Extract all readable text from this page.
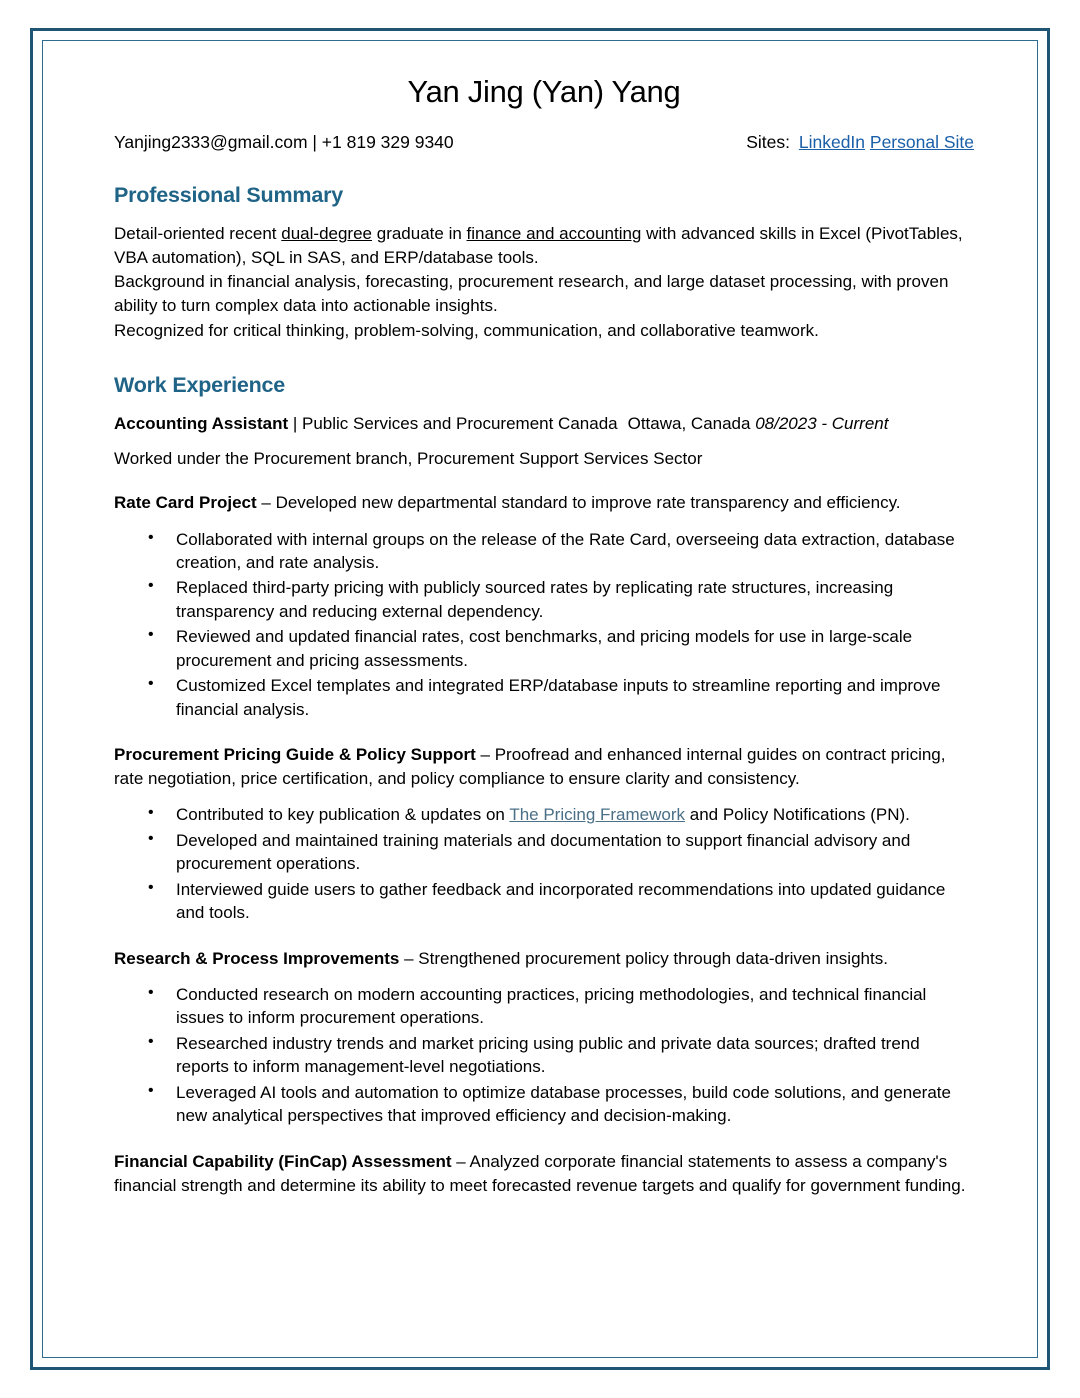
Yan Jing (Yan) Yang
Yanjing2333@gmail.com | +1 819 329 9340	Sites: LinkedIn Personal Site
Professional Summary

Detail-oriented recent dual-degree graduate in finance and accounting with advanced skills in Excel (PivotTables, VBA automation), SQL in SAS, and ERP/database tools.

Background in financial analysis, forecasting, procurement research, and large dataset processing, with proven ability to turn complex data into actionable insights.

Recognized for critical thinking, problem-solving, communication, and collaborative teamwork.

Work Experience

Accounting Assistant | Public Services and Procurement Canada Ottawa, Canada 08/2023 - Current

Worked under the Procurement branch, Procurement Support Services Sector

Rate Card Project – Developed new departmental standard to improve rate transparency and efficiency.

• Collaborated with internal groups on the release of the Rate Card, overseeing data extraction, database creation, and rate analysis.
• Replaced third-party pricing with publicly sourced rates by replicating rate structures, increasing transparency and reducing external dependency.
• Reviewed and updated financial rates, cost benchmarks, and pricing models for use in large-scale procurement and pricing assessments.
• Customized Excel templates and integrated ERP/database inputs to streamline reporting and improve financial analysis.

Procurement Pricing Guide & Policy Support – Proofread and enhanced internal guides on contract pricing, rate negotiation, price certification, and policy compliance to ensure clarity and consistency.

• Contributed to key publication & updates on The Pricing Framework and Policy Notifications (PN).
• Developed and maintained training materials and documentation to support financial advisory and procurement operations.
• Interviewed guide users to gather feedback and incorporated recommendations into updated guidance and tools.

Research & Process Improvements – Strengthened procurement policy through data-driven insights.

• Conducted research on modern accounting practices, pricing methodologies, and technical financial issues to inform procurement operations.
• Researched industry trends and market pricing using public and private data sources; drafted trend reports to inform management-level negotiations.
• Leveraged AI tools and automation to optimize database processes, build code solutions, and generate new analytical perspectives that improved efficiency and decision-making.

Financial Capability (FinCap) Assessment – Analyzed corporate financial statements to assess a company's financial strength and determine its ability to meet forecasted revenue targets and qualify for government funding.
